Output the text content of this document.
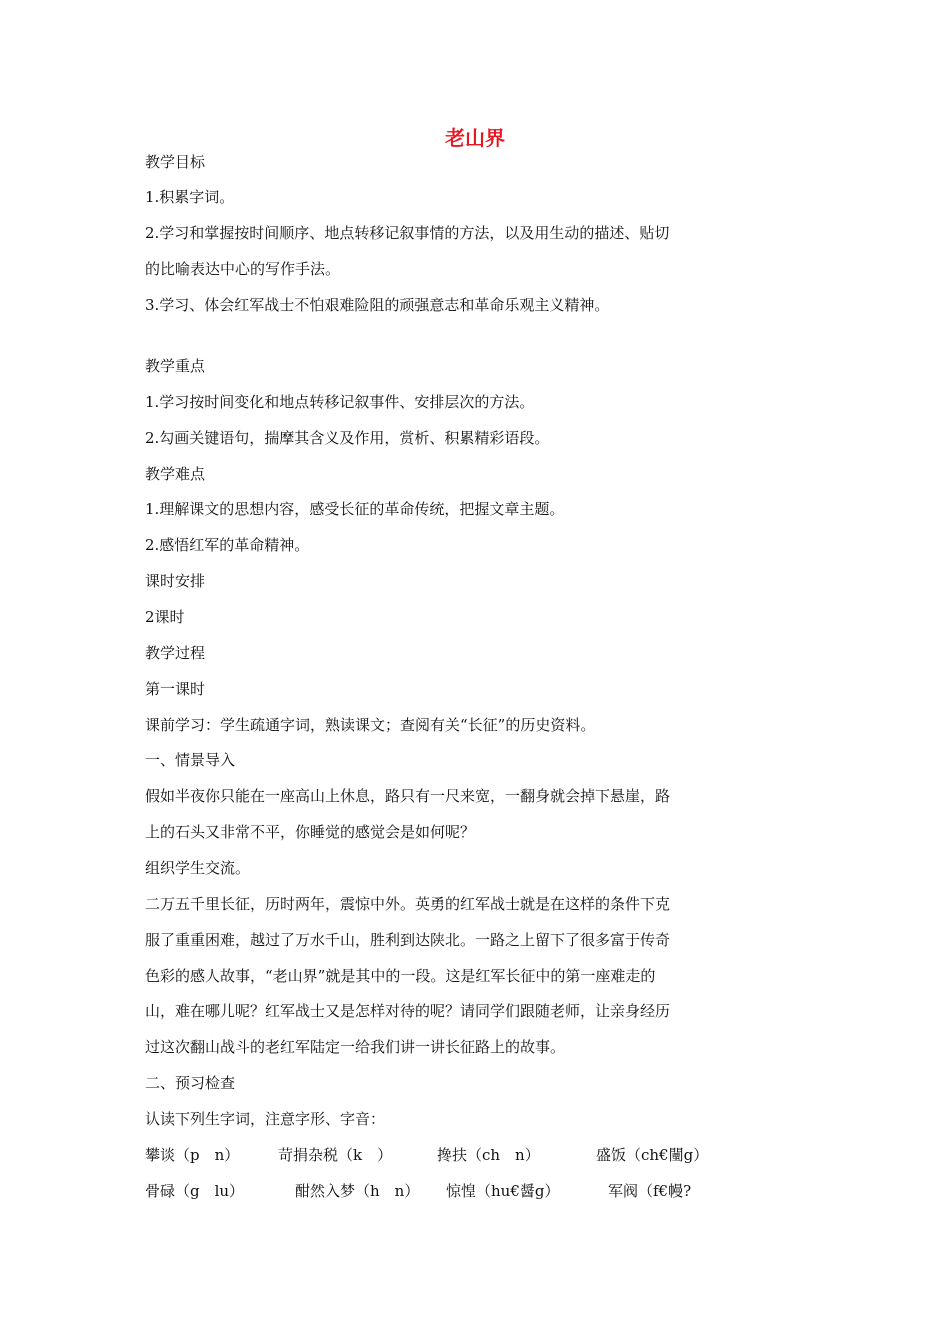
老山界
教学目标
1.积累字词。
2.学习和掌握按时间顺序、地点转移记叙事情的方法，以及用生动的描述、贴切
的比喻表达中心的写作手法。
3.学习、体会红军战士不怕艰难险阻的顽强意志和革命乐观主义精神。
教学重点
1.学习按时间变化和地点转移记叙事件、安排层次的方法。
2.勾画关键语句，揣摩其含义及作用，赏析、积累精彩语段。
教学难点
1.理解课文的思想内容，感受长征的革命传统，把握文章主题。
2.感悟红军的革命精神。
课时安排
2课时
教学过程
第一课时
课前学习：学生疏通字词，熟读课文；查阅有关“长征”的历史资料。
一、情景导入
假如半夜你只能在一座高山上休息，路只有一尺来宽，一翻身就会掉下悬崖，路
上的石头又非常不平，你睡觉的感觉会是如何呢？
组织学生交流。
二万五千里长征，历时两年，震惊中外。英勇的红军战士就是在这样的条件下克
服了重重困难，越过了万水千山，胜利到达陕北。一路之上留下了很多富于传奇
色彩的感人故事，“老山界”就是其中的一段。这是红军长征中的第一座难走的
山，难在哪儿呢？红军战士又是怎样对待的呢？请同学们跟随老师，让亲身经历
过这次翻山战斗的老红军陆定一给我们讲一讲长征路上的故事。
二、预习检查
认读下列生字词，注意字形、字音：
攀谈（p　n）	苛捐杂税（k　）	搀扶（ch　n）	盛饭（ch€闉g）
骨碌（g　lu）	酣然入梦（h　n） 惊惶（hu€醤g）	军阀（f€幔?
